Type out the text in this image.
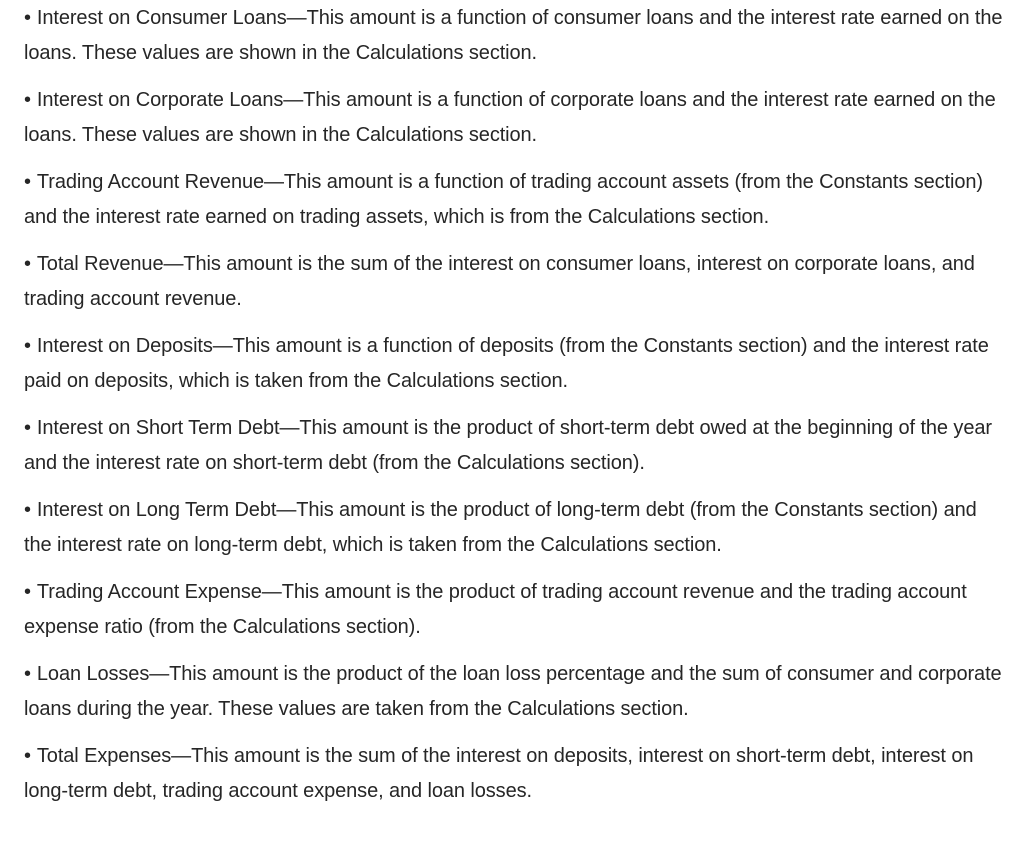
• Interest on Consumer Loans—This amount is a function of consumer loans and the interest rate earned on the loans. These values are shown in the Calculations section.

• Interest on Corporate Loans—This amount is a function of corporate loans and the interest rate earned on the loans. These values are shown in the Calculations section.

• Trading Account Revenue—This amount is a function of trading account assets (from the Constants section) and the interest rate earned on trading assets, which is from the Calculations section.

• Total Revenue—This amount is the sum of the interest on consumer loans, interest on corporate loans, and trading account revenue.

• Interest on Deposits—This amount is a function of deposits (from the Constants section) and the interest rate paid on deposits, which is taken from the Calculations section.

• Interest on Short Term Debt—This amount is the product of short-term debt owed at the beginning of the year and the interest rate on short-term debt (from the Calculations section).

• Interest on Long Term Debt—This amount is the product of long-term debt (from the Constants section) and the interest rate on long-term debt, which is taken from the Calculations section.

• Trading Account Expense—This amount is the product of trading account revenue and the trading account expense ratio (from the Calculations section).

• Loan Losses—This amount is the product of the loan loss percentage and the sum of consumer and corporate loans during the year. These values are taken from the Calculations section.

• Total Expenses—This amount is the sum of the interest on deposits, interest on short-term debt, interest on long-term debt, trading account expense, and loan losses.
